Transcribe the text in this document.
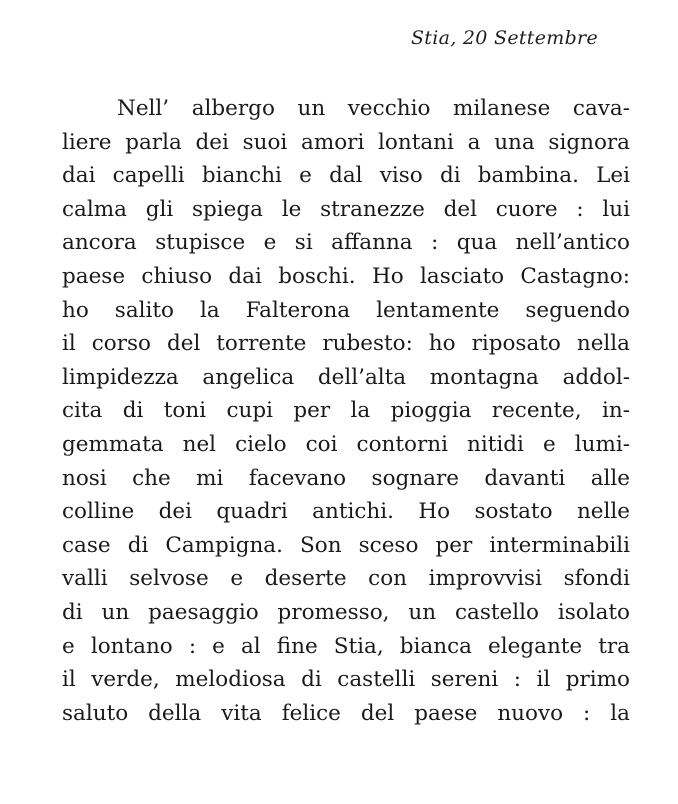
Stia, 20 Settembre
Nell’ albergo un vecchio milanese cava-
liere parla dei suoi amori lontani a una signora
dai capelli bianchi e dal viso di bambina. Lei
calma gli spiega le stranezze del cuore : lui
ancora stupisce e si affanna : qua nell’antico
paese chiuso dai boschi. Ho lasciato Castagno:
ho salito la Falterona lentamente seguendo
il corso del torrente rubesto: ho riposato nella
limpidezza angelica dell’alta montagna addol-
cita di toni cupi per la pioggia recente, in-
gemmata nel cielo coi contorni nitidi e lumi-
nosi che mi facevano sognare davanti alle
colline dei quadri antichi. Ho sostato nelle
case di Campigna. Son sceso per interminabili
valli selvose e deserte con improvvisi sfondi
di un paesaggio promesso, un castello isolato
e lontano : e al fine Stia, bianca elegante tra
il verde, melodiosa di castelli sereni : il primo
saluto della vita felice del paese nuovo : la
